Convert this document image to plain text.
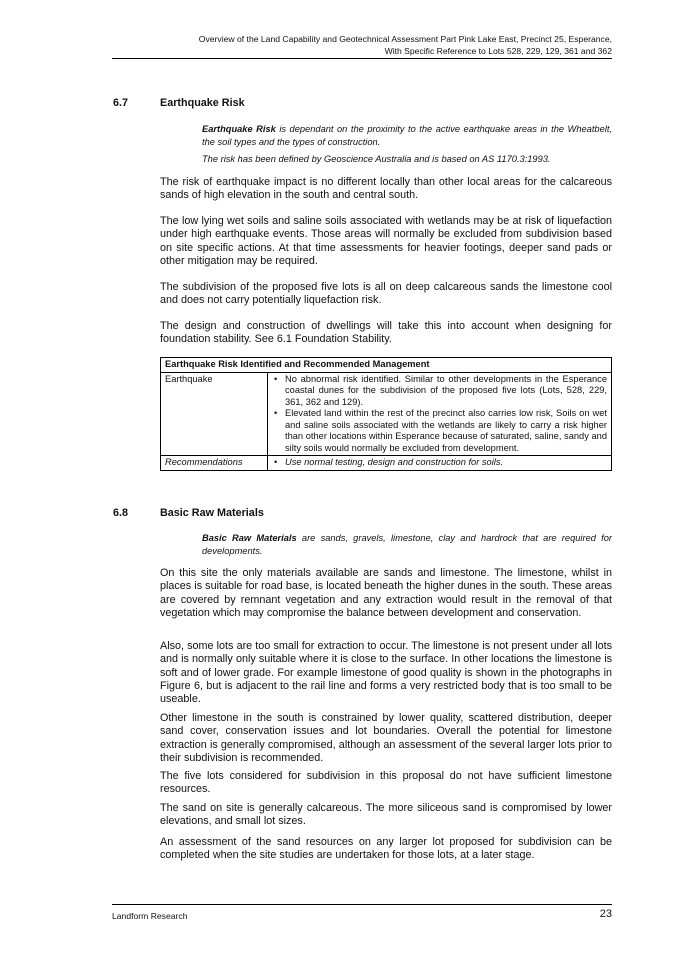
Overview of the Land Capability and Geotechnical Assessment Part Pink Lake East, Precinct 25, Esperance,
With Specific Reference to Lots 528, 229, 129, 361 and 362
6.7	Earthquake Risk
Earthquake Risk is dependant on the proximity to the active earthquake areas in the Wheatbelt, the soil types and the types of construction.
The risk has been defined by Geoscience Australia and is based on AS 1170.3:1993.
The risk of earthquake impact is no different locally than other local areas for the calcareous sands of high elevation in the south and central south.
The low lying wet soils and saline soils associated with wetlands may be at risk of liquefaction under high earthquake events. Those areas will normally be excluded from subdivision based on site specific actions. At that time assessments for heavier footings, deeper sand pads or other mitigation may be required.
The subdivision of the proposed five lots is all on deep calcareous sands the limestone cool and does not carry potentially liquefaction risk.
The design and construction of dwellings will take this into account when designing for foundation stability. See 6.1 Foundation Stability.
Earthquake Risk Identified and Recommended Management	
Earthquake	• No abnormal risk identified. Similar to other developments in the Esperance coastal dunes for the subdivision of the proposed five lots (Lots, 528, 229, 361, 362 and 129).
• Elevated land within the rest of the precinct also carries low risk, Soils on wet and saline soils associated with the wetlands are likely to carry a risk higher than other locations within Esperance because of saturated, saline, sandy and silty soils would normally be excluded from development.

Recommendations	• Use normal testing, design and construction for soils.
6.8	Basic Raw Materials
Basic Raw Materials are sands, gravels, limestone, clay and hardrock that are required for developments.
On this site the only materials available are sands and limestone. The limestone, whilst in places is suitable for road base, is located beneath the higher dunes in the south. These areas are covered by remnant vegetation and any extraction would result in the removal of that vegetation which may compromise the balance between development and conservation.
Also, some lots are too small for extraction to occur. The limestone is not present under all lots and is normally only suitable where it is close to the surface. In other locations the limestone is soft and of lower grade. For example limestone of good quality is shown in the photographs in Figure 6, but is adjacent to the rail line and forms a very restricted body that is too small to be useable.
Other limestone in the south is constrained by lower quality, scattered distribution, deeper sand cover, conservation issues and lot boundaries. Overall the potential for limestone extraction is generally compromised, although an assessment of the several larger lots prior to their subdivision is recommended.
The five lots considered for subdivision in this proposal do not have sufficient limestone resources.
The sand on site is generally calcareous. The more siliceous sand is compromised by lower elevations, and small lot sizes.
An assessment of the sand resources on any larger lot proposed for subdivision can be completed when the site studies are undertaken for those lots, at a later stage.
Landform Research	23
